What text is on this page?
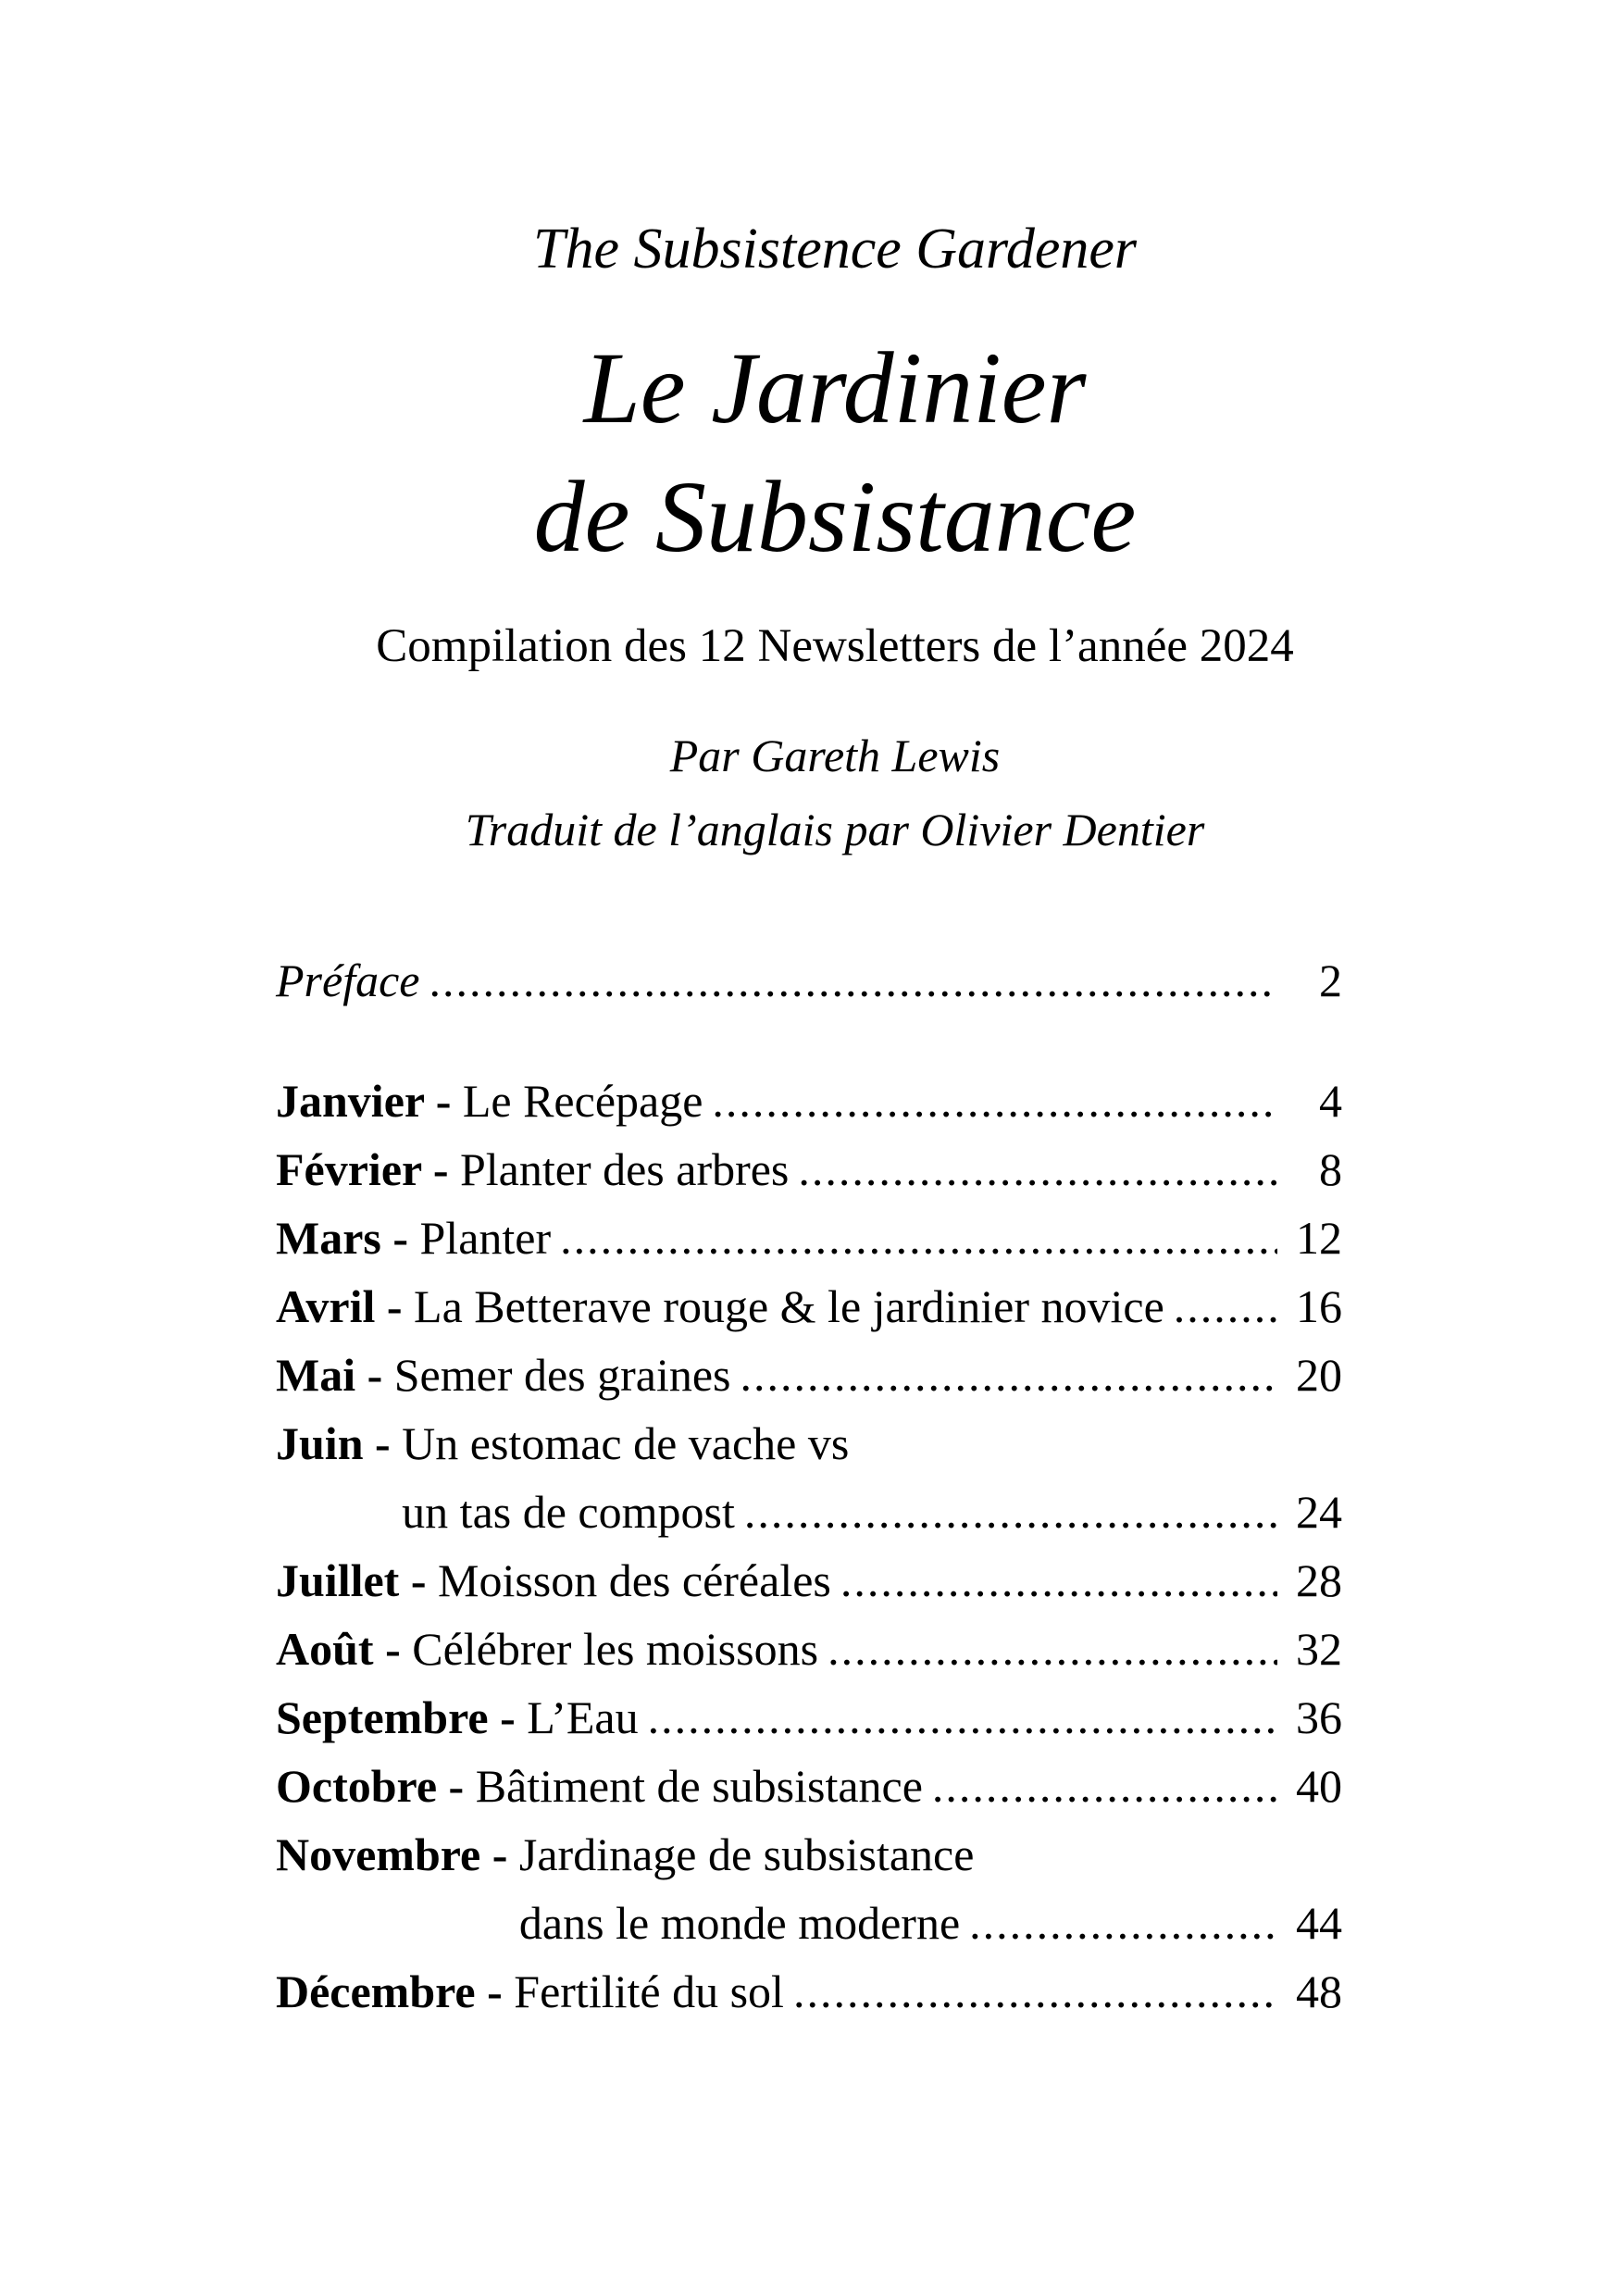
The Subsistence Gardener
Le Jardinier
de Subsistance
Compilation des 12 Newsletters de l’année 2024
Par Gareth Lewis
Traduit de l’anglais par Olivier Dentier
Préface .....	2
Janvier - Le Recépage .....	4
Février - Planter des arbres .....	8
Mars - Planter .....	12
Avril - La Betterave rouge & le jardinier novice .....	16
Mai - Semer des graines .....	20
Juin - Un estomac de vache vs
un tas de compost .....	24
Juillet - Moisson des céréales .....	28
Août - Célébrer les moissons .....	32
Septembre - L’Eau .....	36
Octobre - Bâtiment de subsistance .....	40
Novembre - Jardinage de subsistance
dans le monde moderne .....	44
Décembre - Fertilité du sol .....	48
